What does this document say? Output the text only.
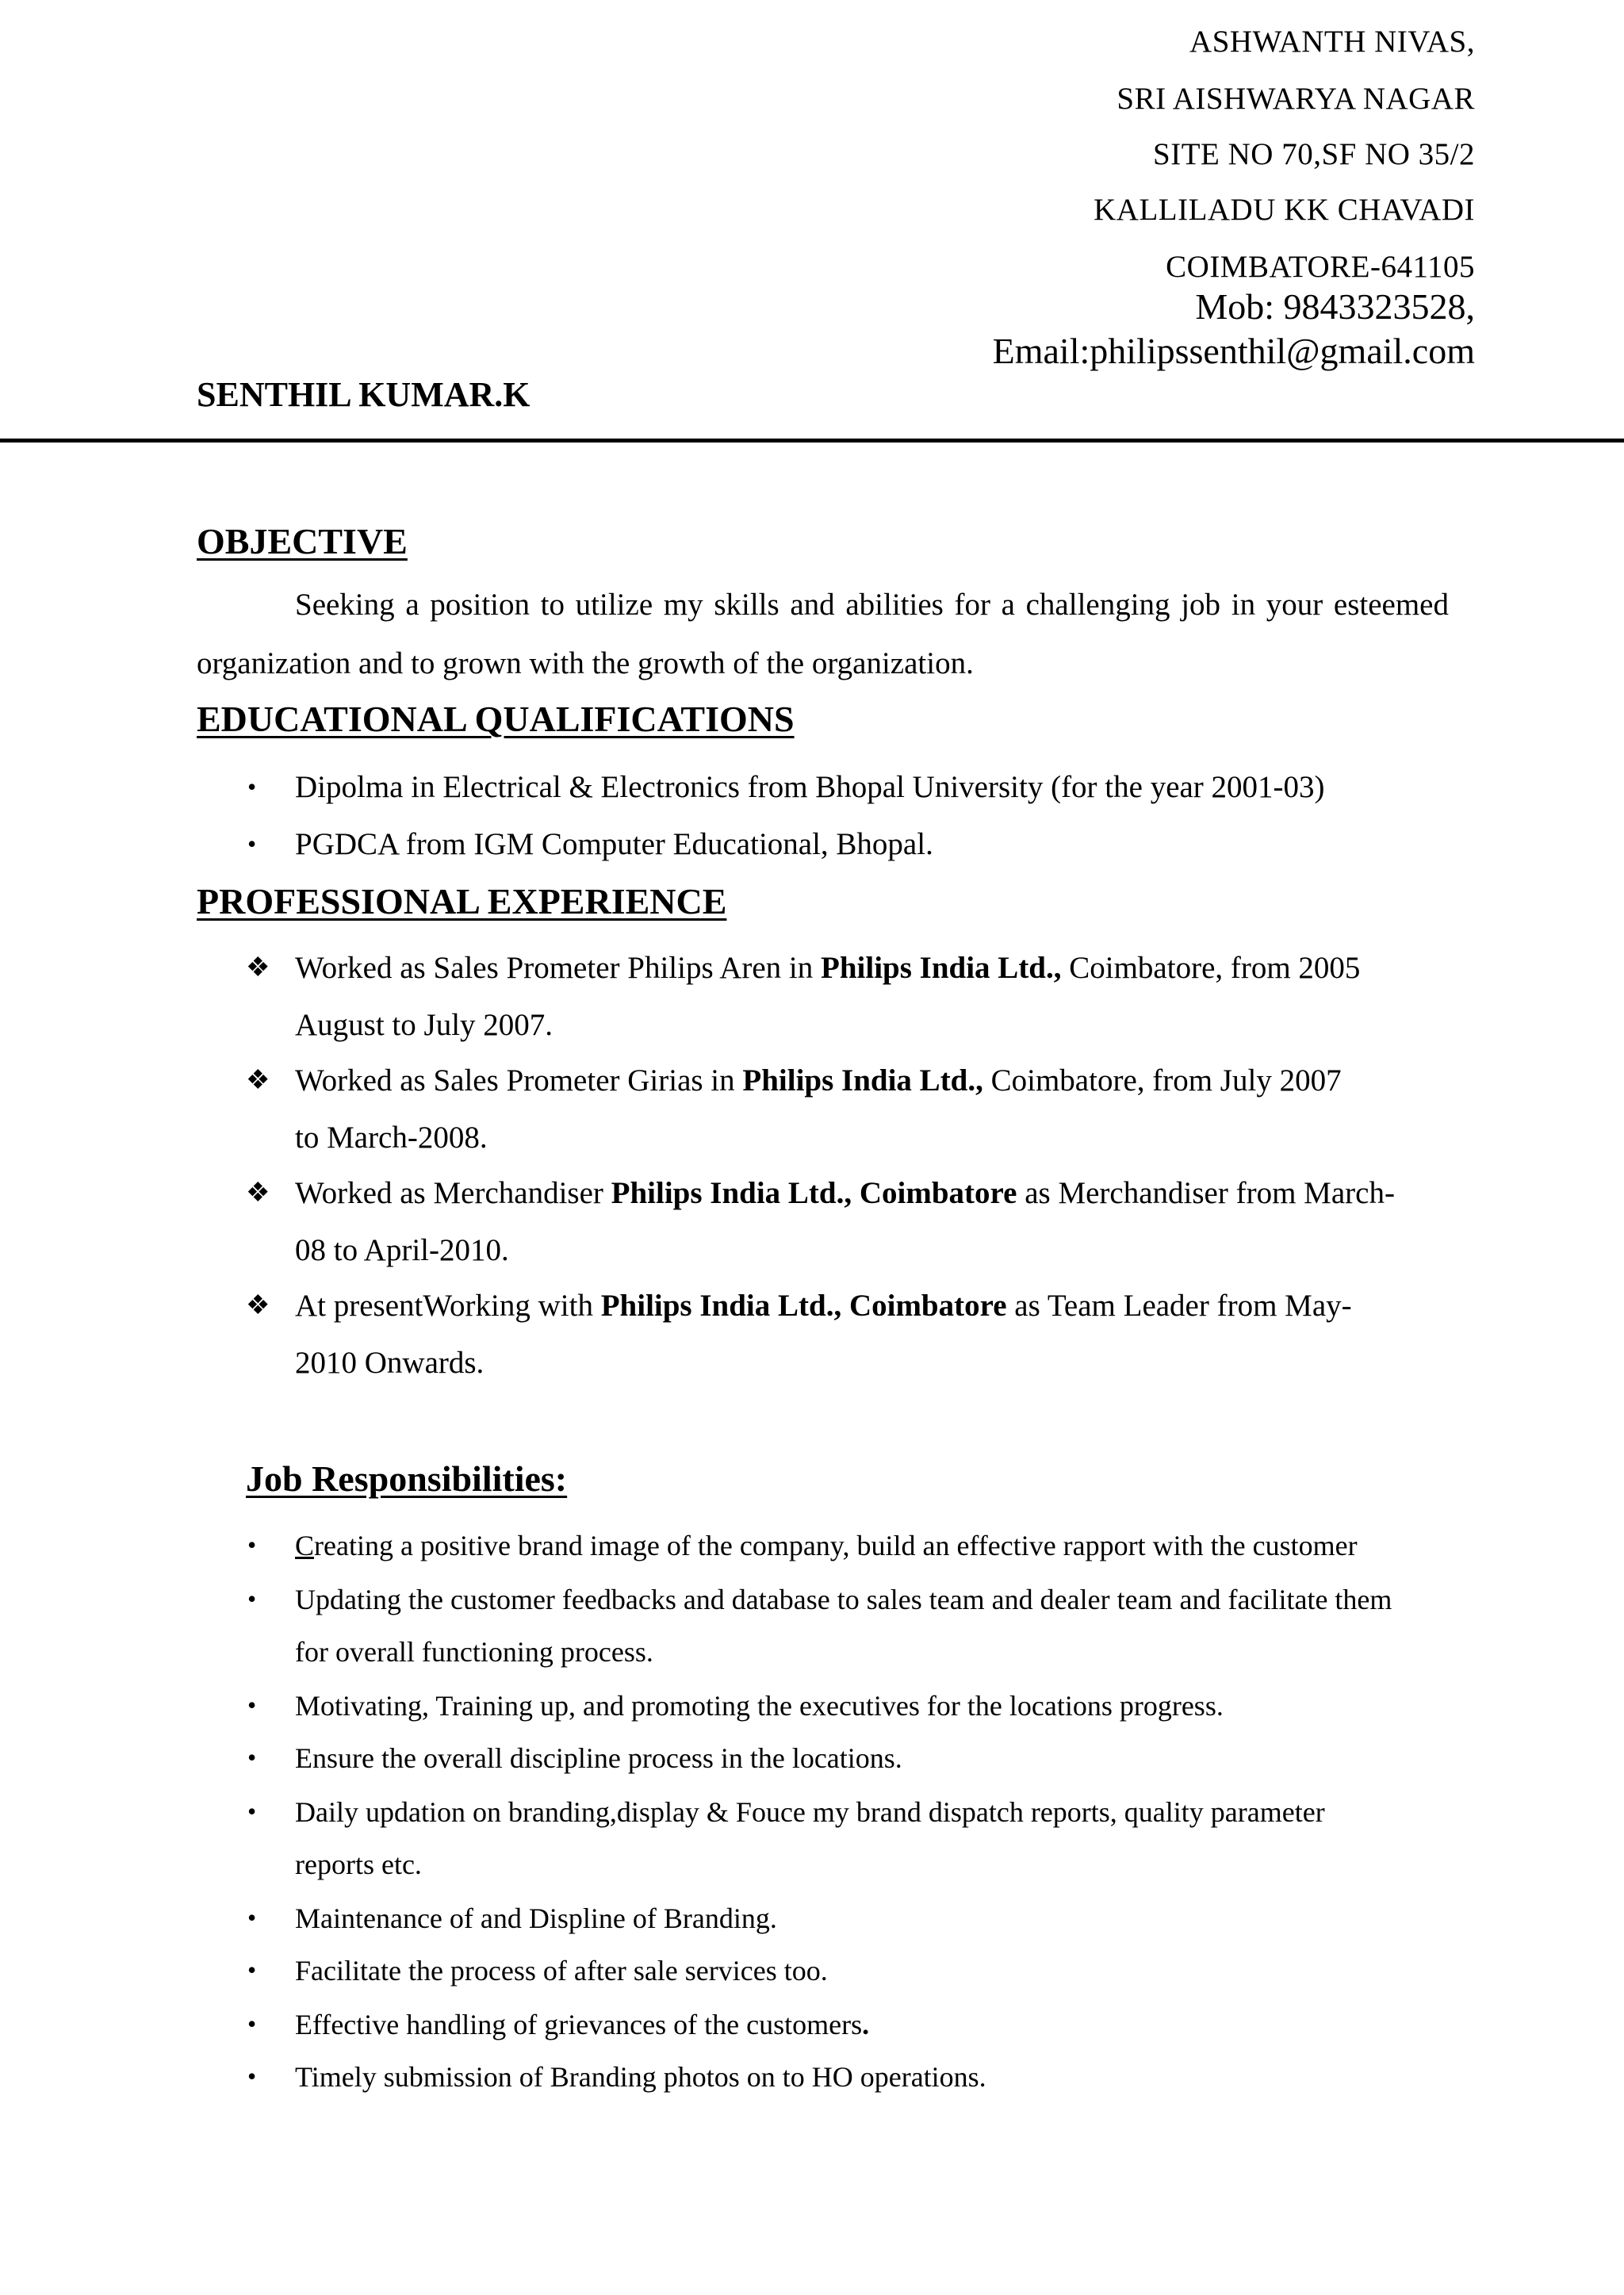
ASHWANTH NIVAS,
SRI AISHWARYA NAGAR
SITE NO 70,SF NO 35/2
KALLILADU KK CHAVADI
COIMBATORE-641105
Mob: 9843323528,
Email:philipssenthil@gmail.com
SENTHIL KUMAR.K
OBJECTIVE
Seeking a position to utilize my skills and abilities for a challenging job in your esteemed
organization and to grown with the growth of the organization.
EDUCATIONAL QUALIFICATIONS
• Dipolma in Electrical & Electronics from Bhopal University (for the year 2001-03)
• PGDCA from IGM Computer Educational, Bhopal.
PROFESSIONAL EXPERIENCE
❖ Worked as Sales Prometer Philips Aren in Philips India Ltd., Coimbatore, from 2005
August to July 2007.
❖ Worked as Sales Prometer Girias in Philips India Ltd., Coimbatore, from July 2007
to March-2008.
❖ Worked as Merchandiser Philips India Ltd., Coimbatore as Merchandiser from March-
08 to April-2010.
❖ At presentWorking with Philips India Ltd., Coimbatore as Team Leader from May-
2010 Onwards.
Job Responsibilities:
• Creating a positive brand image of the company, build an effective rapport with the customer
• Updating the customer feedbacks and database to sales team and dealer team and facilitate them
for overall functioning process.
• Motivating, Training up, and promoting the executives for the locations progress.
• Ensure the overall discipline process in the locations.
• Daily updation on branding,display & Fouce my brand dispatch reports, quality parameter
reports etc.
• Maintenance of and Displine of Branding.
• Facilitate the process of after sale services too.
• Effective handling of grievances of the customers.
• Timely submission of Branding photos on to HO operations.
